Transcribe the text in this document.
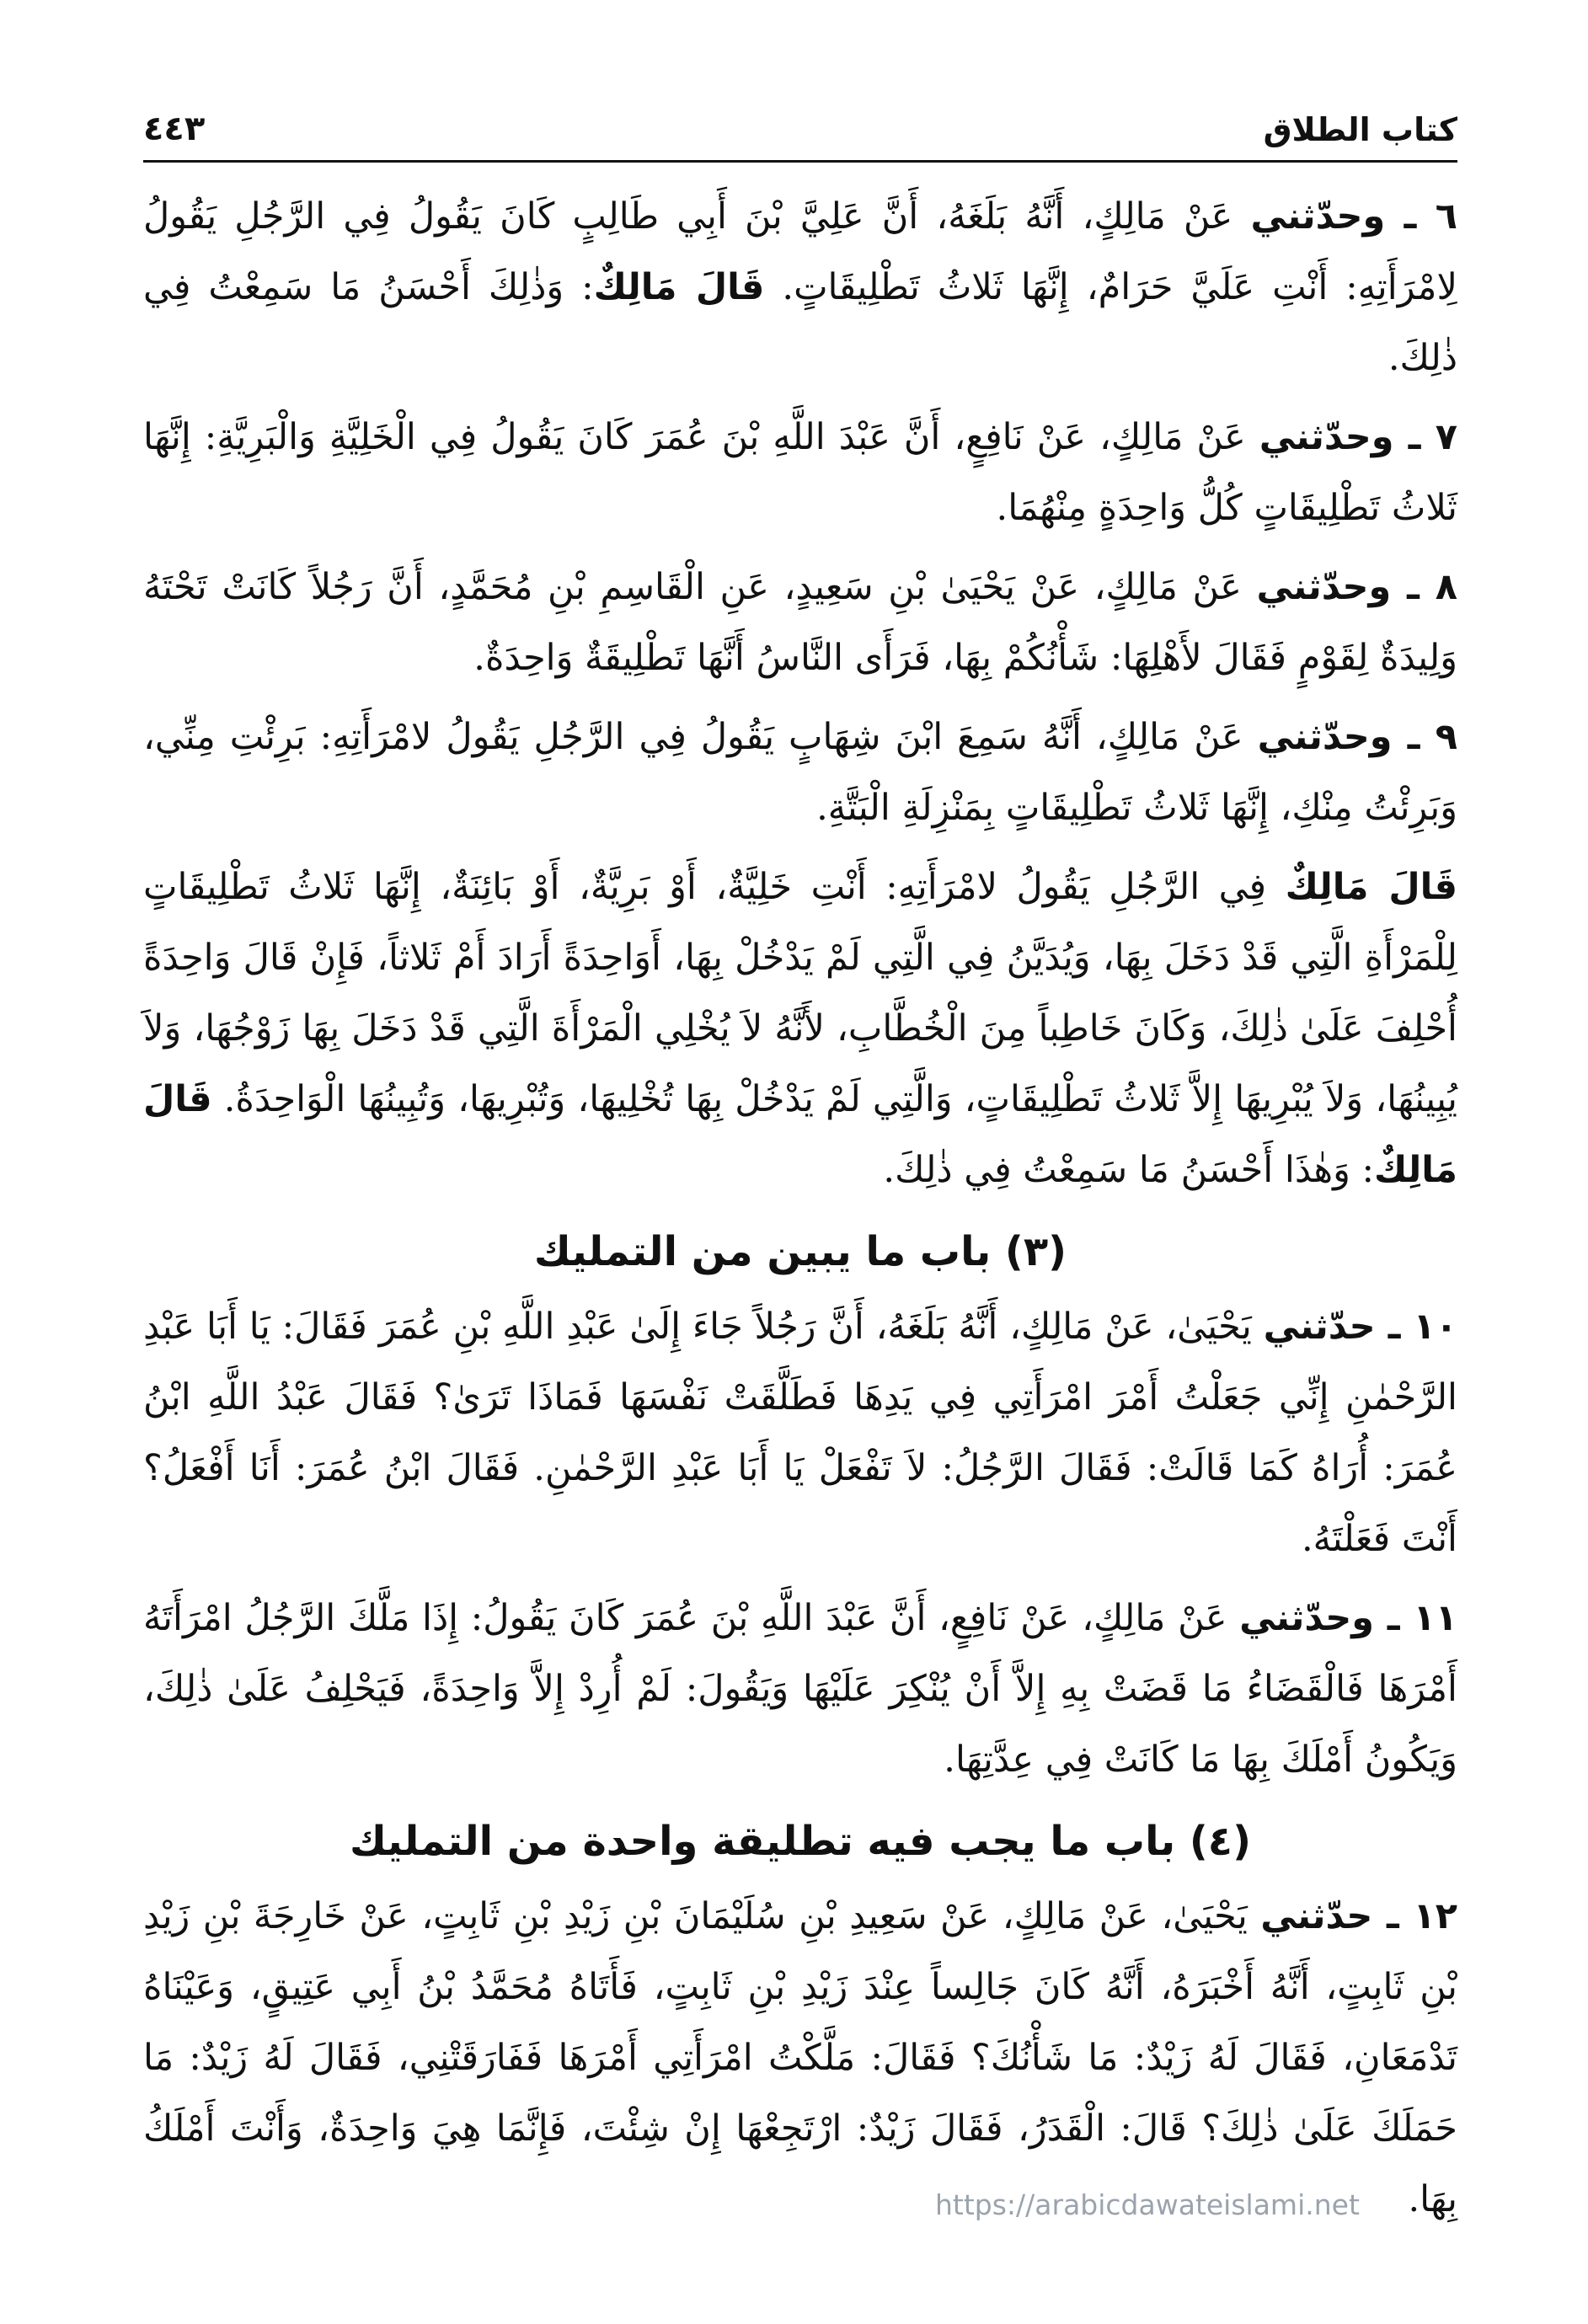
كتاب الطلاق
٤٤٣

٦ ـ وحدّثني عَنْ مَالِكٍ، أَنَّهُ بَلَغَهُ، أَنَّ عَلِيَّ بْنَ أَبِي طَالِبٍ كَانَ يَقُولُ فِي الرَّجُلِ يَقُولُ لِامْرَأَتِهِ: أَنْتِ عَلَيَّ حَرَامٌ، إِنَّهَا ثَلاثُ تَطْلِيقَاتٍ. قَالَ مَالِكٌ: وَذٰلِكَ أَحْسَنُ مَا سَمِعْتُ فِي ذٰلِكَ.

٧ ـ وحدّثني عَنْ مَالِكٍ، عَنْ نَافِعٍ، أَنَّ عَبْدَ اللَّهِ بْنَ عُمَرَ كَانَ يَقُولُ فِي الْخَلِيَّةِ وَالْبَرِيَّةِ: إِنَّهَا ثَلاثُ تَطْلِيقَاتٍ كُلُّ وَاحِدَةٍ مِنْهُمَا.

٨ ـ وحدّثني عَنْ مَالِكٍ، عَنْ يَحْيَىٰ بْنِ سَعِيدٍ، عَنِ الْقَاسِمِ بْنِ مُحَمَّدٍ، أَنَّ رَجُلاً كَانَتْ تَحْتَهُ وَلِيدَةٌ لِقَوْمٍ فَقَالَ لأَهْلِهَا: شَأْنُكُمْ بِهَا، فَرَأَى النَّاسُ أَنَّهَا تَطْلِيقَةٌ وَاحِدَةٌ.

٩ ـ وحدّثني عَنْ مَالِكٍ، أَنَّهُ سَمِعَ ابْنَ شِهَابٍ يَقُولُ فِي الرَّجُلِ يَقُولُ لامْرَأَتِهِ: بَرِئْتِ مِنِّي، وَبَرِئْتُ مِنْكِ، إِنَّهَا ثَلاثُ تَطْلِيقَاتٍ بِمَنْزِلَةِ الْبَتَّةِ.

قَالَ مَالِكٌ فِي الرَّجُلِ يَقُولُ لامْرَأَتِهِ: أَنْتِ خَلِيَّةٌ، أَوْ بَرِيَّةٌ، أَوْ بَائِنَةٌ، إِنَّهَا ثَلاثُ تَطْلِيقَاتٍ لِلْمَرْأَةِ الَّتِي قَدْ دَخَلَ بِهَا، وَيُدَيَّنُ فِي الَّتِي لَمْ يَدْخُلْ بِهَا، أَوَاحِدَةً أَرَادَ أَمْ ثَلاثاً، فَإِنْ قَالَ وَاحِدَةً أُحْلِفَ عَلَىٰ ذٰلِكَ، وَكَانَ خَاطِباً مِنَ الْخُطَّابِ، لأَنَّهُ لاَ يُخْلِي الْمَرْأَةَ الَّتِي قَدْ دَخَلَ بِهَا زَوْجُهَا، وَلاَ يُبِينُهَا، وَلاَ يُبْرِيهَا إِلاَّ ثَلاثُ تَطْلِيقَاتٍ، وَالَّتِي لَمْ يَدْخُلْ بِهَا تُخْلِيهَا، وَتُبْرِيهَا، وَتُبِينُهَا الْوَاحِدَةُ. قَالَ مَالِكٌ: وَهٰذَا أَحْسَنُ مَا سَمِعْتُ فِي ذٰلِكَ.

(٣) باب ما يبين من التمليك

١٠ ـ حدّثني يَحْيَىٰ، عَنْ مَالِكٍ، أَنَّهُ بَلَغَهُ، أَنَّ رَجُلاً جَاءَ إِلَىٰ عَبْدِ اللَّهِ بْنِ عُمَرَ فَقَالَ: يَا أَبَا عَبْدِ الرَّحْمٰنِ إِنِّي جَعَلْتُ أَمْرَ امْرَأَتِي فِي يَدِهَا فَطَلَّقَتْ نَفْسَهَا فَمَاذَا تَرَىٰ؟ فَقَالَ عَبْدُ اللَّهِ ابْنُ عُمَرَ: أُرَاهُ كَمَا قَالَتْ: فَقَالَ الرَّجُلُ: لاَ تَفْعَلْ يَا أَبَا عَبْدِ الرَّحْمٰنِ. فَقَالَ ابْنُ عُمَرَ: أَنَا أَفْعَلُ؟ أَنْتَ فَعَلْتَهُ.

١١ ـ وحدّثني عَنْ مَالِكٍ، عَنْ نَافِعٍ، أَنَّ عَبْدَ اللَّهِ بْنَ عُمَرَ كَانَ يَقُولُ: إِذَا مَلَّكَ الرَّجُلُ امْرَأَتَهُ أَمْرَهَا فَالْقَضَاءُ مَا قَضَتْ بِهِ إِلاَّ أَنْ يُنْكِرَ عَلَيْهَا وَيَقُولَ: لَمْ أُرِدْ إِلاَّ وَاحِدَةً، فَيَحْلِفُ عَلَىٰ ذٰلِكَ، وَيَكُونُ أَمْلَكَ بِهَا مَا كَانَتْ فِي عِدَّتِهَا.

(٤) باب ما يجب فيه تطليقة واحدة من التمليك

١٢ ـ حدّثني يَحْيَىٰ، عَنْ مَالِكٍ، عَنْ سَعِيدِ بْنِ سُلَيْمَانَ بْنِ زَيْدِ بْنِ ثَابِتٍ، عَنْ خَارِجَةَ بْنِ زَيْدِ بْنِ ثَابِتٍ، أَنَّهُ أَخْبَرَهُ، أَنَّهُ كَانَ جَالِساً عِنْدَ زَيْدِ بْنِ ثَابِتٍ، فَأَتَاهُ مُحَمَّدُ بْنُ أَبِي عَتِيقٍ، وَعَيْنَاهُ تَدْمَعَانِ، فَقَالَ لَهُ زَيْدٌ: مَا شَأْنُكَ؟ فَقَالَ: مَلَّكْتُ امْرَأَتِي أَمْرَهَا فَفَارَقَتْنِي، فَقَالَ لَهُ زَيْدٌ: مَا حَمَلَكَ عَلَىٰ ذٰلِكَ؟ قَالَ: الْقَدَرُ، فَقَالَ زَيْدٌ: ارْتَجِعْهَا إِنْ شِئْتَ، فَإِنَّمَا هِيَ وَاحِدَةٌ، وَأَنْتَ أَمْلَكُ بِهَا.

https://arabicdawateislami.net
